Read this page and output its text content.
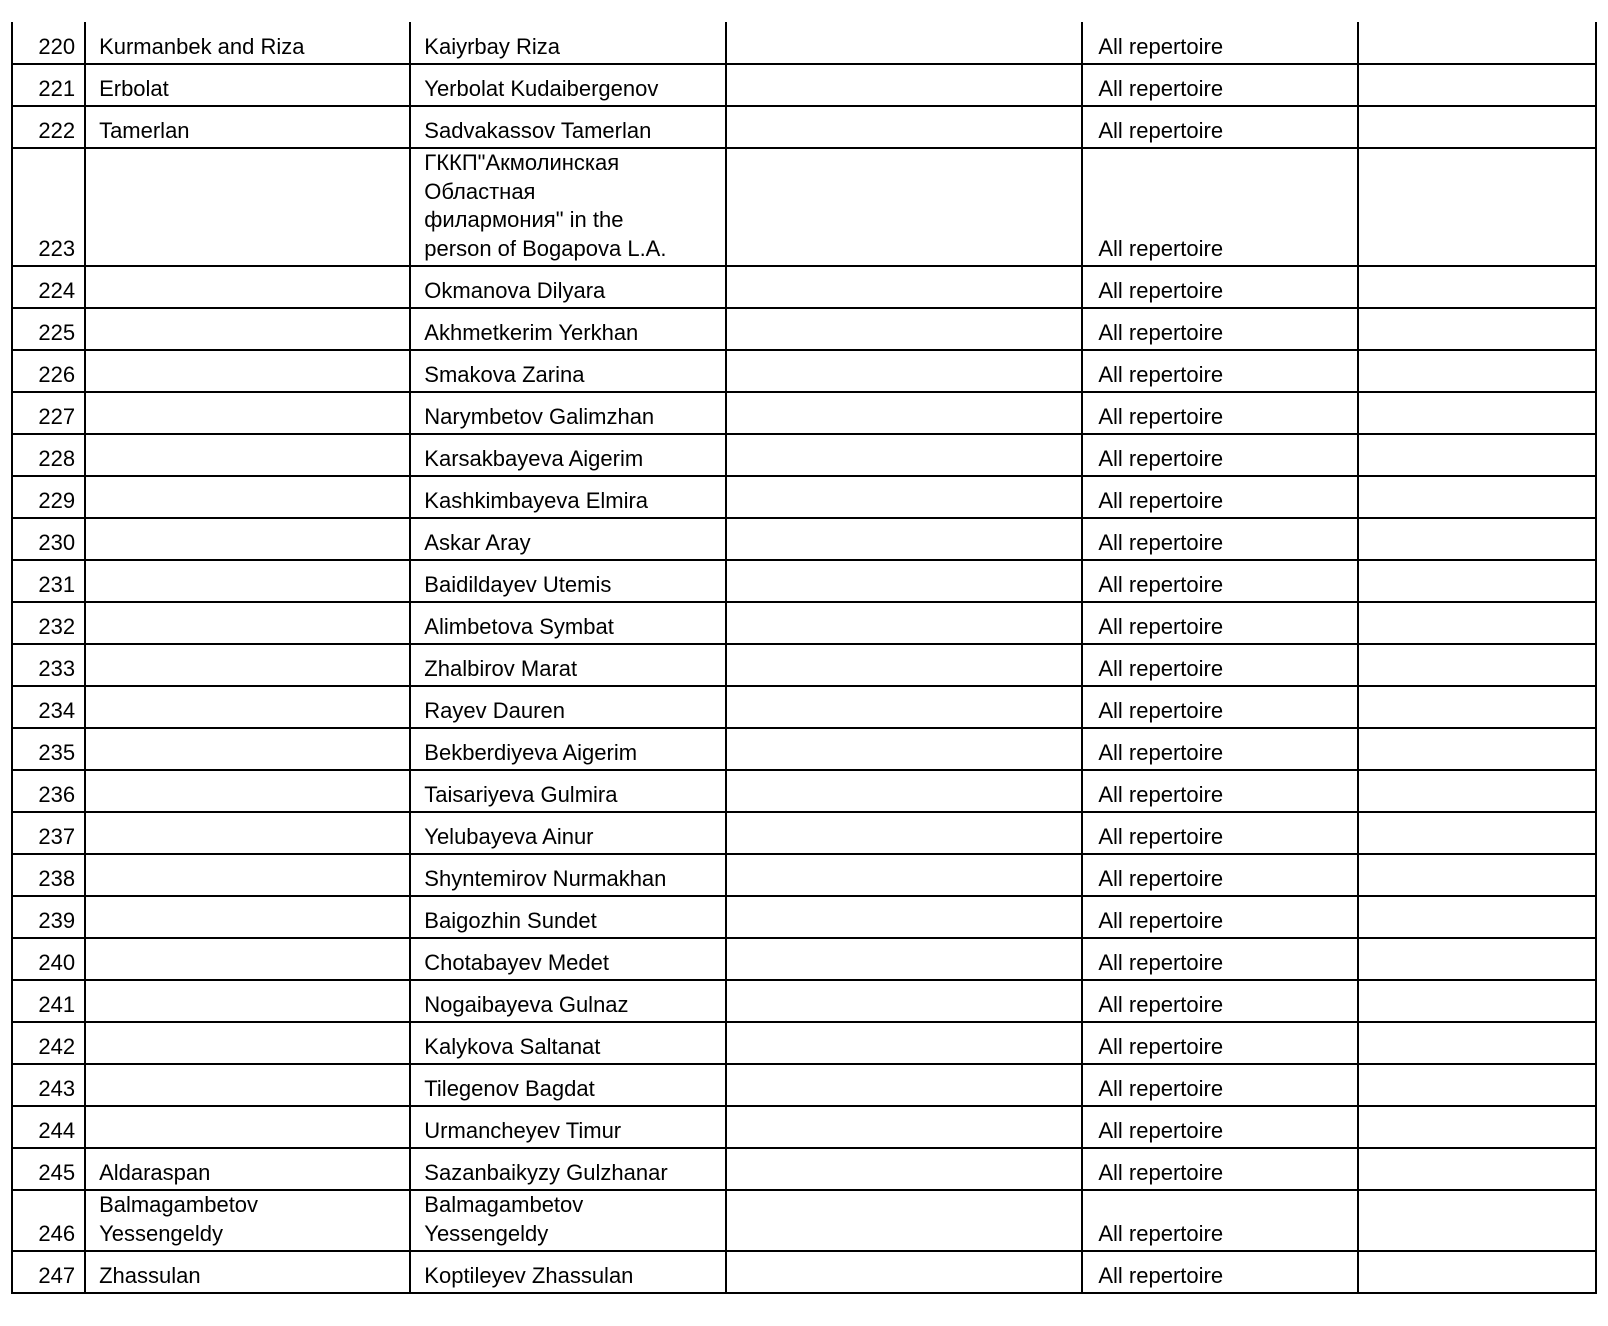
220	Kurmanbek and Riza	Kaiyrbay Riza		All repertoire	
221	Erbolat	Yerbolat Kudaibergenov		All repertoire	
222	Tamerlan	Sadvakassov Tamerlan		All repertoire	
223		ГККП"Акмолинская
Областная
филармония" in the
person of Bogapova L.A.		All repertoire	
224		Okmanova Dilyara		All repertoire	
225		Akhmetkerim Yerkhan		All repertoire	
226		Smakova Zarina		All repertoire	
227		Narymbetov Galimzhan		All repertoire	
228		Karsakbayeva Aigerim		All repertoire	
229		Kashkimbayeva Elmira		All repertoire	
230		Askar Aray		All repertoire	
231		Baidildayev Utemis		All repertoire	
232		Alimbetova Symbat		All repertoire	
233		Zhalbirov Marat		All repertoire	
234		Rayev Dauren		All repertoire	
235		Bekberdiyeva Aigerim		All repertoire	
236		Taisariyeva Gulmira		All repertoire	
237		Yelubayeva Ainur		All repertoire	
238		Shyntemirov Nurmakhan		All repertoire	
239		Baigozhin Sundet		All repertoire	
240		Chotabayev Medet		All repertoire	
241		Nogaibayeva Gulnaz		All repertoire	
242		Kalykova Saltanat		All repertoire	
243		Tilegenov Bagdat		All repertoire	
244		Urmancheyev Timur		All repertoire	
245	Aldaraspan	Sazanbaikyzy Gulzhanar		All repertoire	
246	Balmagambetov
Yessengeldy	Balmagambetov
Yessengeldy		All repertoire	
247	Zhassulan	Koptileyev Zhassulan		All repertoire	
